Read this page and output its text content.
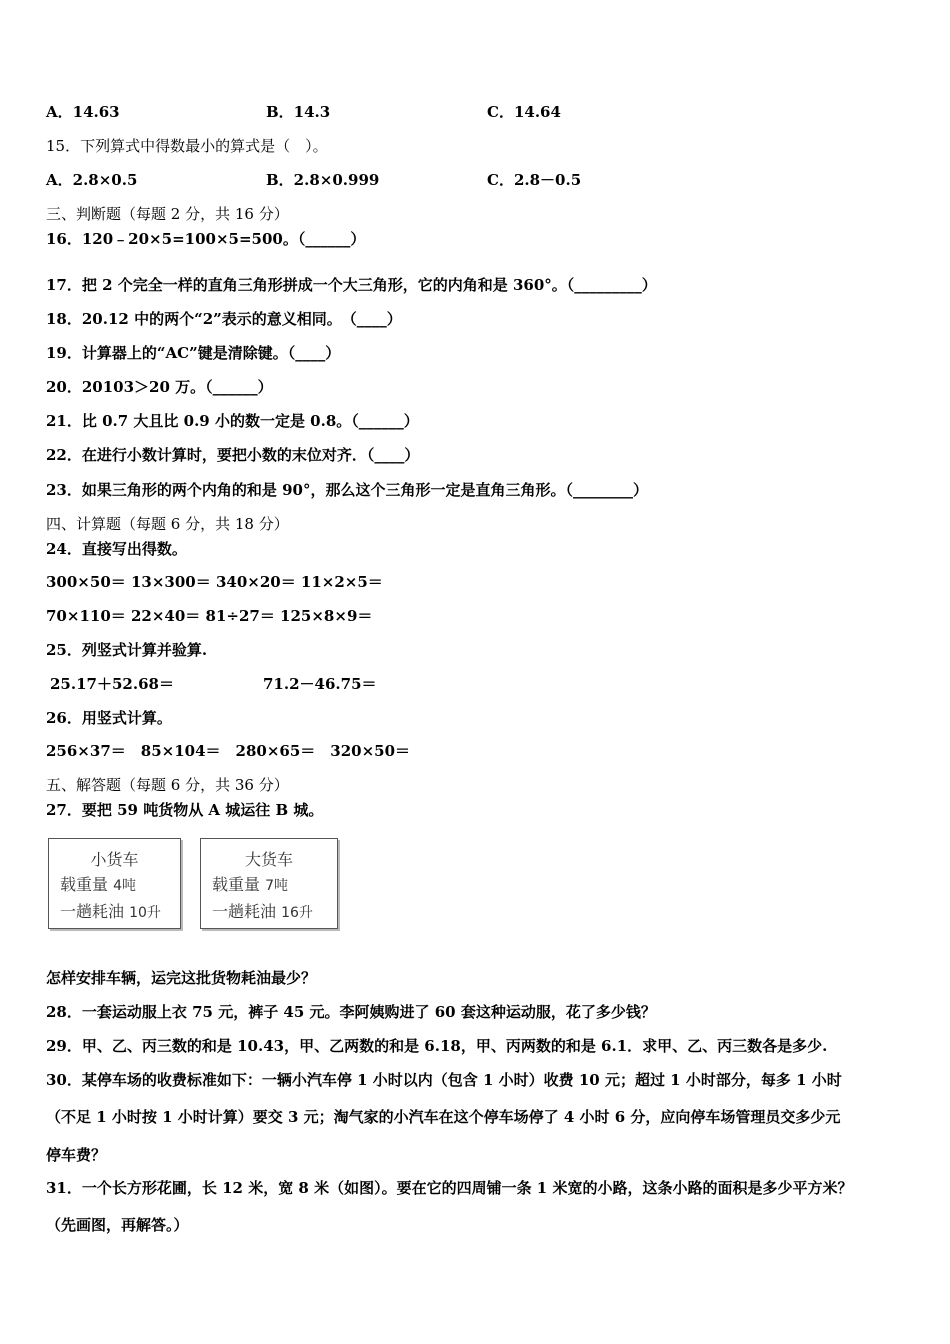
A．14.63	B．14.3	C．14.64
15．下列算式中得数最小的算式是（　）。
A．2.8×0.5	B．2.8×0.999	C．2.8－0.5
三、判断题（每题 2 分，共 16 分）
16．120﹣20×5=100×5=500。（______）
17．把 2 个完全一样的直角三角形拼成一个大三角形，它的内角和是 360°。（_________）
18．20.12 中的两个“2”表示的意义相同。　（____）
19．计算器上的“AC”键是清除键。（____）
20．20103＞20 万。（______）
21．比 0.7 大且比 0.9 小的数一定是 0.8。（______）
22．在进行小数计算时，要把小数的末位对齐．（____）
23．如果三角形的两个内角的和是 90°，那么这个三角形一定是直角三角形。（________）
四、计算题（每题 6 分，共 18 分）
24．直接写出得数。
300×50＝ 13×300＝ 340×20＝ 11×2×5＝
70×110＝ 22×40＝ 81÷27＝ 125×8×9＝
25．列竖式计算并验算.
25.17＋52.68＝	71.2－46.75＝
26．用竖式计算。
256×37＝　85×104＝　280×65＝　320×50＝
五、解答题（每题 6 分，共 36 分）
27．要把 59 吨货物从 A 城运往 B 城。
小货车
载重量 4吨
一趟耗油 10升
大货车
载重量 7吨
一趟耗油 16升
怎样安排车辆，运完这批货物耗油最少？
28．一套运动服上衣 75 元，裤子 45 元。李阿姨购进了 60 套这种运动服，花了多少钱？
29．甲、乙、丙三数的和是 10.43，甲、乙两数的和是 6.18，甲、丙两数的和是 6.1．求甲、乙、丙三数各是多少.
30．某停车场的收费标准如下：一辆小汽车停 1 小时以内（包含 1 小时）收费 10 元；超过 1 小时部分，每多 1 小时
（不足 1 小时按 1 小时计算）要交 3 元；淘气家的小汽车在这个停车场停了 4 小时 6 分，应向停车场管理员交多少元
停车费？
31．一个长方形花圃，长 12 米，宽 8 米（如图）。要在它的四周铺一条 1 米宽的小路，这条小路的面积是多少平方米？
（先画图，再解答。）
